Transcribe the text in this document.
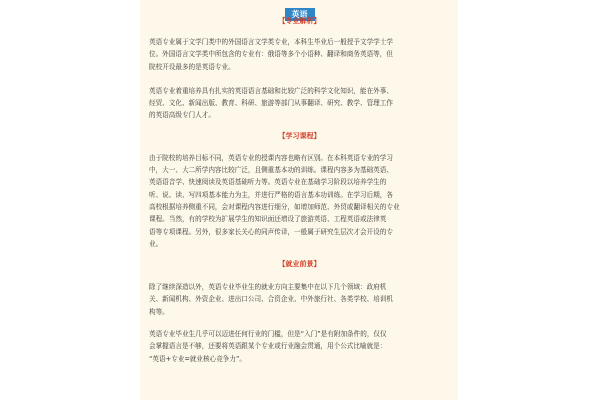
英语
【专业解析】

英语专业属于文学门类中的外国语言文学类专业，本科生毕业后一般授予文学学士学
位。外国语言文学类中所包含的专业有：俄语等多个小语种、翻译和商务英语等，但
院校开设最多的是英语专业。

英语专业着重培养具有扎实的英语语言基础和比较广泛的科学文化知识，能在外事、
经贸、文化、新闻出版、教育、科研、旅游等部门从事翻译、研究、教学、管理工作
的英语高级专门人才。

【学习课程】

由于院校的培养目标不同，英语专业的授课内容也略有区别。在本科英语专业的学习
中，大一、大二所学内容比较广泛，且侧重基本功的训练。课程内容多为基础英语、
英语语音学、快速阅读及英语基础听力等。英语专业在基础学习阶段以培养学生的
听、说、读、写四项基本能力为主，并进行严格的语言基本功训练。在学习后期，各
高校根据培养侧重不同，会对课程内容进行细分，如增加师范、外贸或翻译相关的专业
课程。当然，有的学校为扩展学生的知识面还增设了旅游英语、工程英语或法律英
语等专项课程。另外，很多家长关心的同声传译，一般属于研究生层次才会开设的专
业。

【就业前景】

除了继续深造以外，英语专业毕业生的就业方向主要集中在以下几个领域：政府机
关、新闻机构、外资企业、进出口公司、合资企业、中外旅行社、各类学校、培训机
构等。

英语专业毕业生几乎可以迈进任何行业的门槛，但是“入门”是有附加条件的，仅仅
会掌握语言是不够，还要将英语跟某个专业或行业融会贯通，用个公式比喻就是：
“英语+专业=就业核心竞争力”。
